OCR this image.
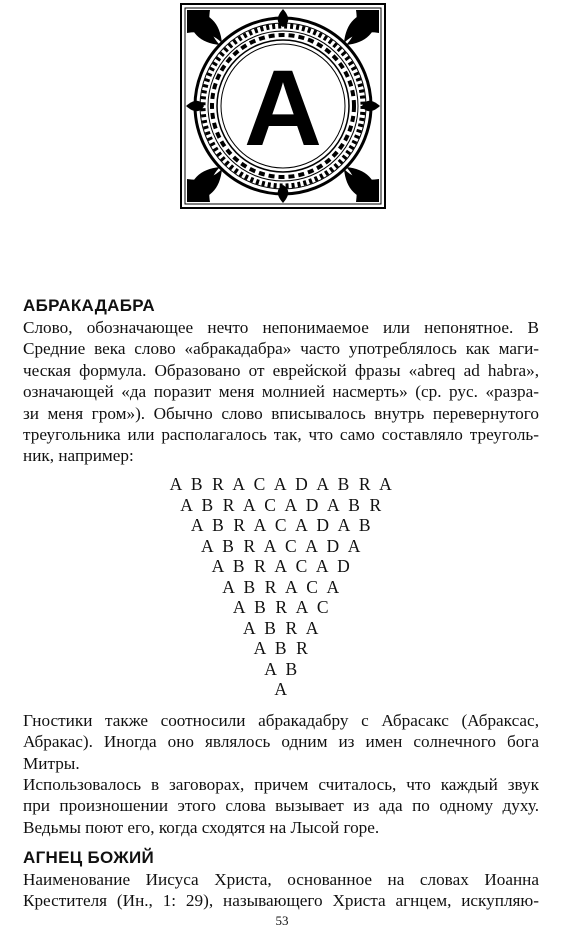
A
АБРАКАДАБРА
Слово, обозначающее нечто непонимаемое или непонятное. В
Средние века слово «абракадабра» часто употреблялось как маги-
ческая формула. Образовано от еврейской фразы «abreq ad habra»,
означающей «да поразит меня молнией насмерть» (ср. рус. «разра-
зи меня гром»). Обычно слово вписывалось внутрь перевернутого
треугольника или располагалось так, что само составляло треуголь-
ник, например:
A B R A C A D A B R A
A B R A C A D A B R
A B R A C A D A B
A B R A C A D A
A B R A C A D
A B R A C A
A B R A C
A B R A
A B R
A B
A
Гностики также соотносили абракадабру с Абрасакс (Абраксас,
Абракас). Иногда оно являлось одним из имен солнечного бога
Митры.
Использовалось в заговорах, причем считалось, что каждый звук
при произношении этого слова вызывает из ада по одному духу.
Ведьмы поют его, когда сходятся на Лысой горе.
АГНЕЦ БОЖИЙ
Наименование Иисуса Христа, основанное на словах Иоанна
Крестителя (Ин., 1: 29), называющего Христа агнцем, искупляю-
53
